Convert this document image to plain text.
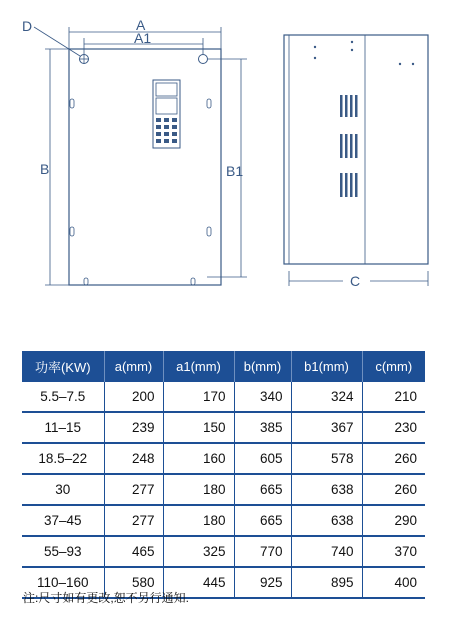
A
A1
D
B	B1
C
功率(KW)	a(mm)	a1(mm)	b(mm)	b1(mm)	c(mm)
5.5–7.5	200	170	340	324	210
11–15	239	150	385	367	230
18.5–22	248	160	605	578	260
30	277	180	665	638	260
37–45	277	180	665	638	290
55–93	465	325	770	740	370
110–160	580	445	925	895	400
注:尺寸如有更改,恕不另行通知.
